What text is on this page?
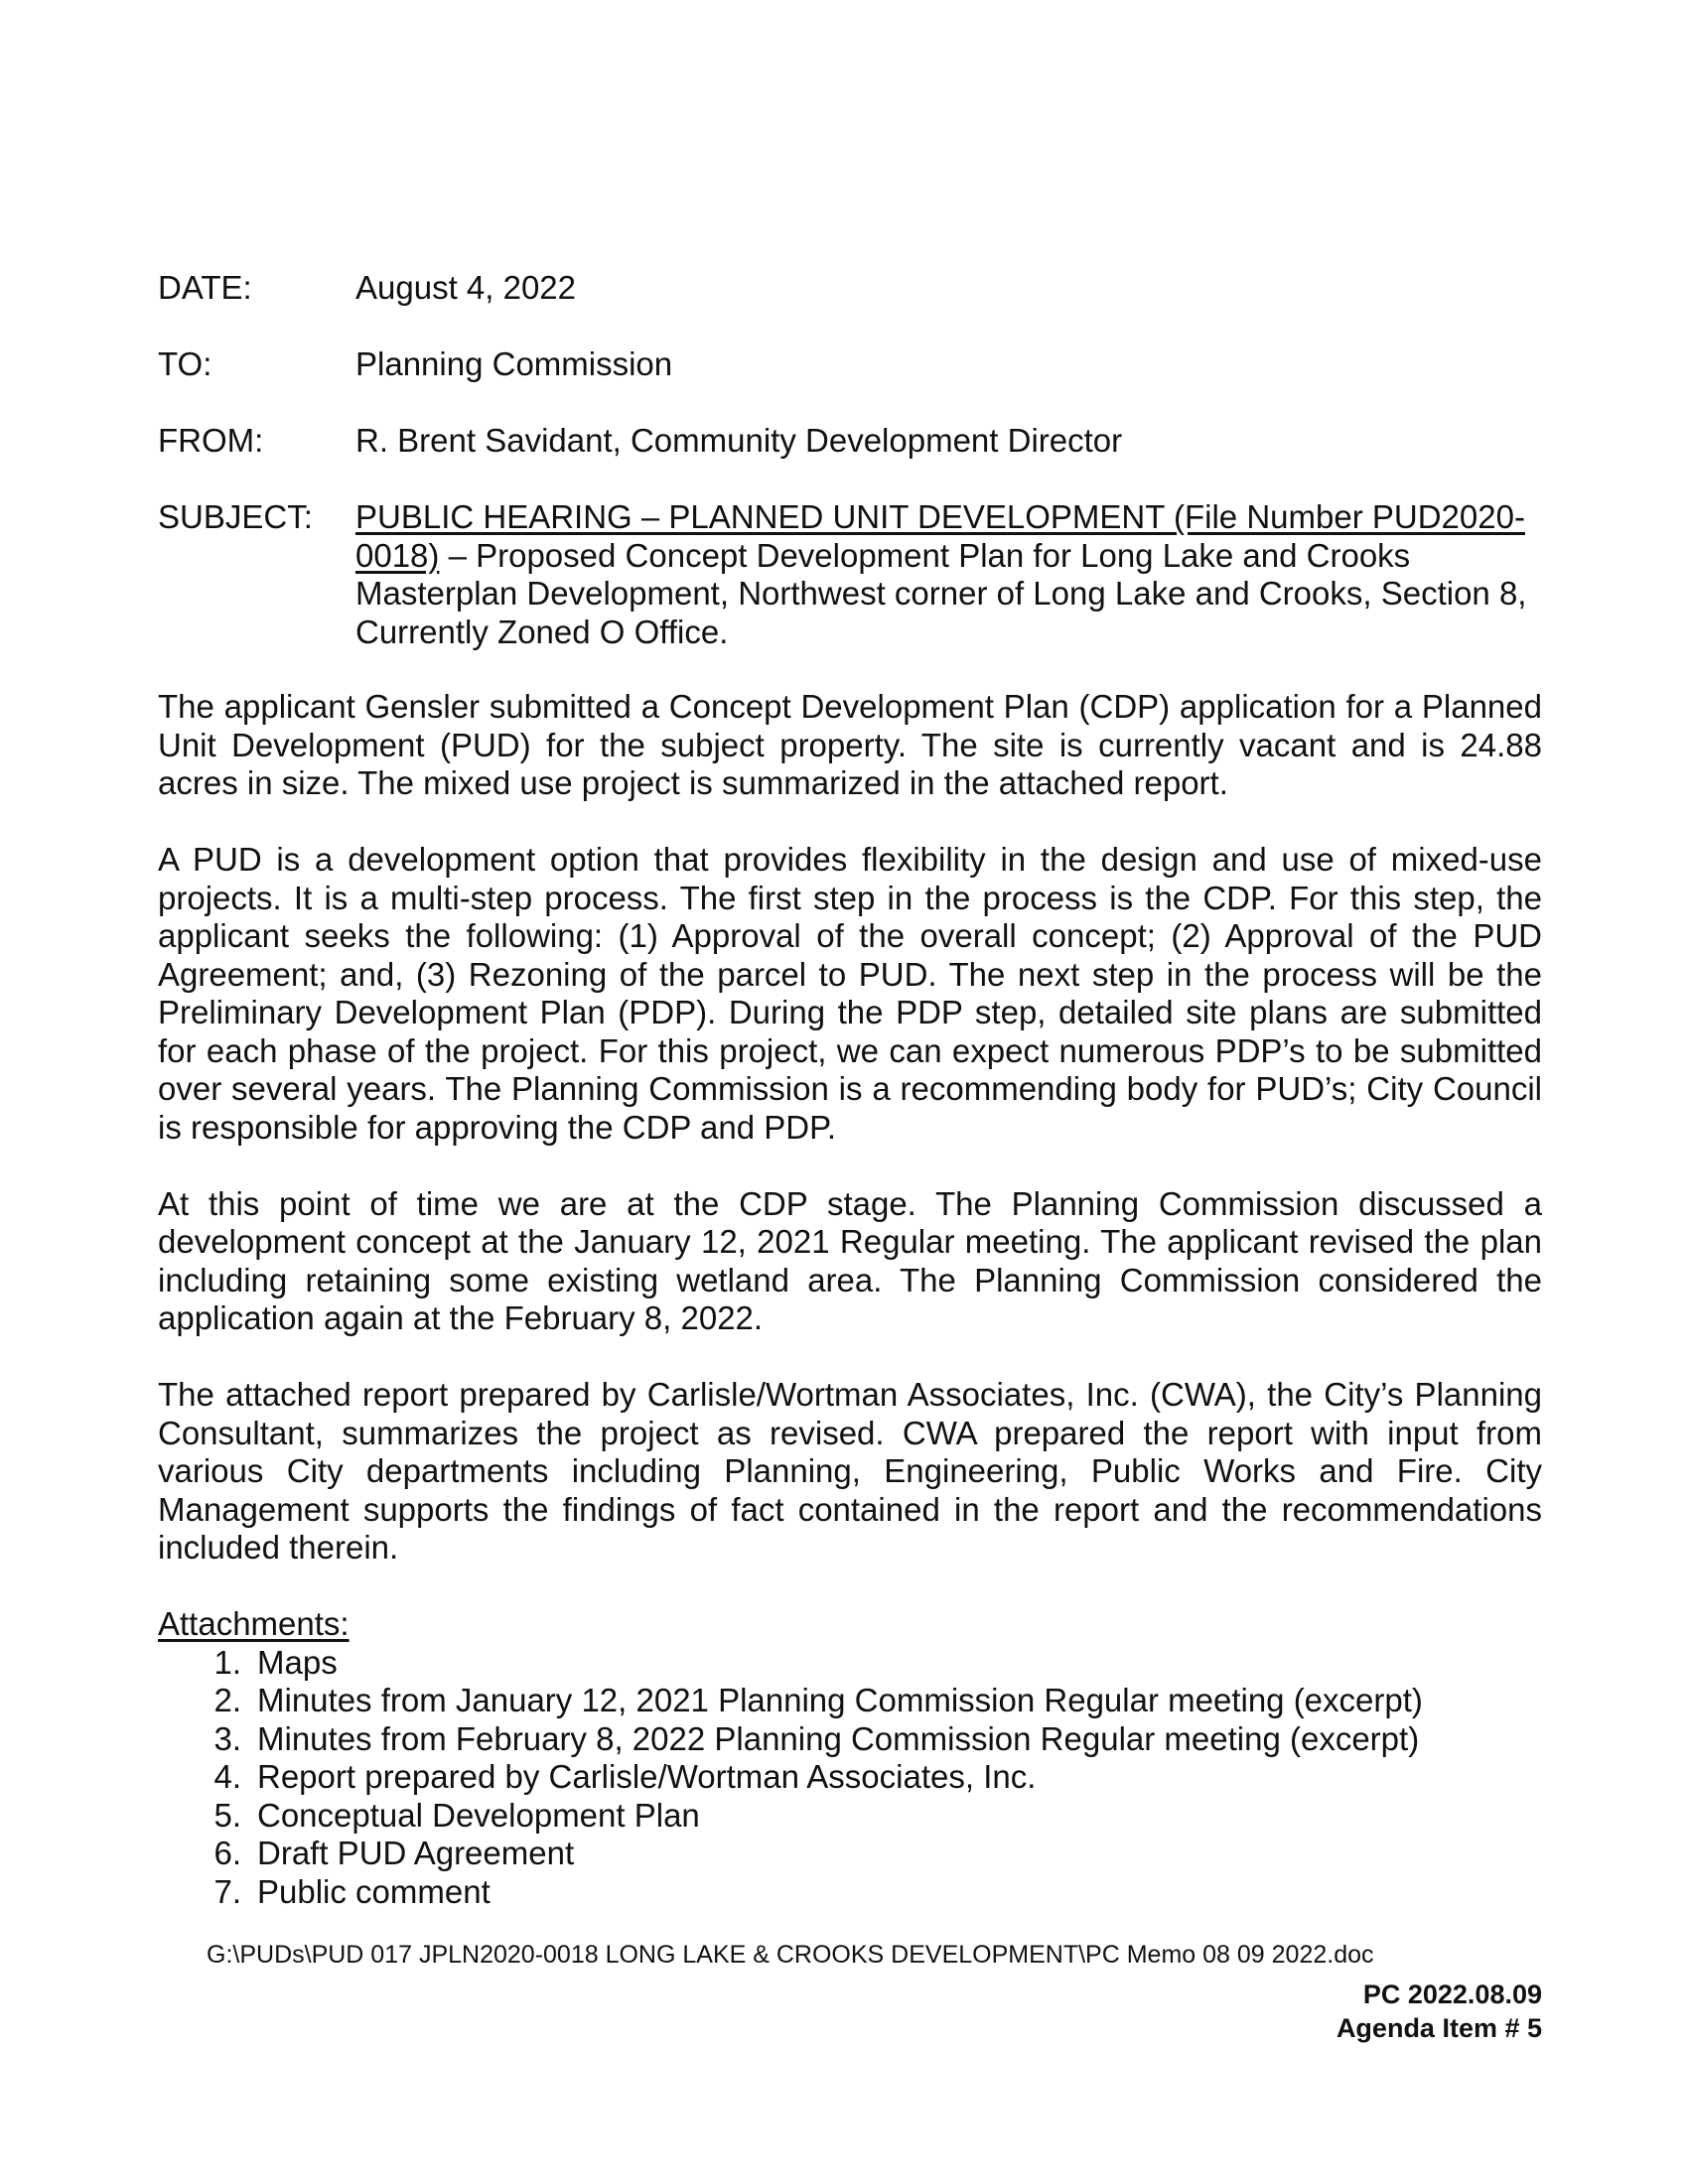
DATE:	August 4, 2022
TO:	Planning Commission
FROM:	R. Brent Savidant, Community Development Director
SUBJECT:	PUBLIC HEARING – PLANNED UNIT DEVELOPMENT (File Number PUD2020-0018) – Proposed Concept Development Plan for Long Lake and Crooks Masterplan Development, Northwest corner of Long Lake and Crooks, Section 8, Currently Zoned O Office.

The applicant Gensler submitted a Concept Development Plan (CDP) application for a Planned Unit Development (PUD) for the subject property. The site is currently vacant and is 24.88 acres in size. The mixed use project is summarized in the attached report.

A PUD is a development option that provides flexibility in the design and use of mixed-use projects. It is a multi-step process. The first step in the process is the CDP. For this step, the applicant seeks the following: (1) Approval of the overall concept; (2) Approval of the PUD Agreement; and, (3) Rezoning of the parcel to PUD. The next step in the process will be the Preliminary Development Plan (PDP). During the PDP step, detailed site plans are submitted for each phase of the project. For this project, we can expect numerous PDP’s to be submitted over several years. The Planning Commission is a recommending body for PUD’s; City Council is responsible for approving the CDP and PDP.

At this point of time we are at the CDP stage. The Planning Commission discussed a development concept at the January 12, 2021 Regular meeting. The applicant revised the plan including retaining some existing wetland area. The Planning Commission considered the application again at the February 8, 2022.

The attached report prepared by Carlisle/Wortman Associates, Inc. (CWA), the City’s Planning Consultant, summarizes the project as revised. CWA prepared the report with input from various City departments including Planning, Engineering, Public Works and Fire. City Management supports the findings of fact contained in the report and the recommendations included therein.

Attachments:

1. Maps
2. Minutes from January 12, 2021 Planning Commission Regular meeting (excerpt)
3. Minutes from February 8, 2022 Planning Commission Regular meeting (excerpt)
4. Report prepared by Carlisle/Wortman Associates, Inc.
5. Conceptual Development Plan
6. Draft PUD Agreement
7. Public comment
G:\PUDs\PUD 017 JPLN2020-0018 LONG LAKE & CROOKS DEVELOPMENT\PC Memo 08 09 2022.doc
PC 2022.08.09
Agenda Item # 5
